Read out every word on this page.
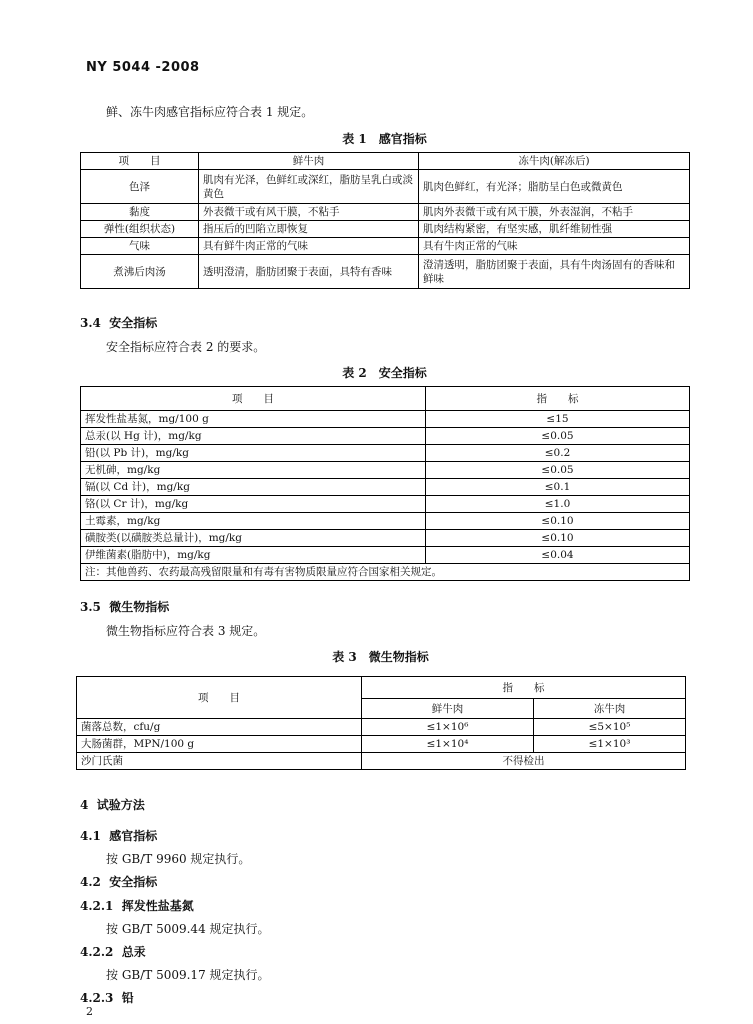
NY 5044 -2008
鲜、冻牛肉感官指标应符合表 1 规定。
表 1　感官指标
项　　目	鲜牛肉	冻牛肉(解冻后)
色泽	肌肉有光泽，色鲜红或深红，脂肪呈乳白或淡黄色	肌肉色鲜红，有光泽；脂肪呈白色或微黄色
黏度	外表微干或有风干膜，不粘手	肌肉外表微干或有风干膜，外表湿润，不粘手
弹性(组织状态)	指压后的凹陷立即恢复	肌肉结构紧密，有坚实感，肌纤维韧性强
气味	具有鲜牛肉正常的气味	具有牛肉正常的气味
煮沸后肉汤	透明澄清，脂肪团聚于表面，具特有香味	澄清透明，脂肪团聚于表面，具有牛肉汤固有的香味和鲜味
3.4 安全指标
安全指标应符合表 2 的要求。
表 2　安全指标
项　　目	指　　标
挥发性盐基氮，mg/100 g	≤15
总汞(以 Hg 计)，mg/kg	≤0.05
铅(以 Pb 计)，mg/kg	≤0.2
无机砷，mg/kg	≤0.05
镉(以 Cd 计)，mg/kg	≤0.1
铬(以 Cr 计)，mg/kg	≤1.0
土霉素，mg/kg	≤0.10
磺胺类(以磺胺类总量计)，mg/kg	≤0.10
伊维菌素(脂肪中)，mg/kg	≤0.04
注：其他兽药、农药最高残留限量和有毒有害物质限量应符合国家相关规定。	
3.5 微生物指标
微生物指标应符合表 3 规定。
表 3　微生物指标
项　　目	指　　标	
	鲜牛肉	冻牛肉
菌落总数，cfu/g	≤1×10⁶	≤5×10⁵
大肠菌群，MPN/100 g	≤1×10⁴	≤1×10³
沙门氏菌	不得检出	
4 试验方法
4.1 感官指标
按 GB/T 9960 规定执行。
4.2 安全指标
4.2.1 挥发性盐基氮
按 GB/T 5009.44 规定执行。
4.2.2 总汞
按 GB/T 5009.17 规定执行。
4.2.3 铅
2
